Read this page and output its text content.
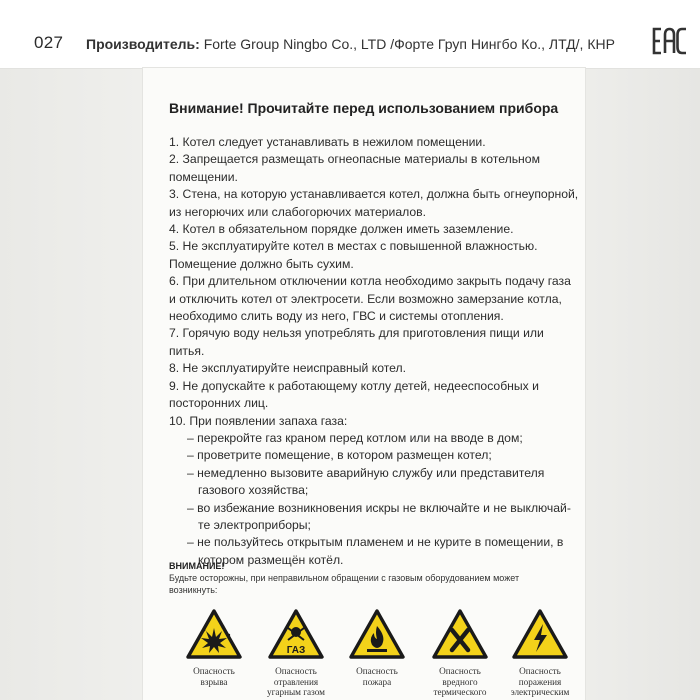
027 Производитель: Forte Group Ningbo Co., LTD /Форте Груп Нингбо Ко., ЛТД/, КНР
Внимание! Прочитайте перед использованием прибора
1. Котел следует устанавливать в нежилом помещении.
2. Запрещается размещать огнеопасные материалы в котельном
помещении.
3. Стена, на которую устанавливается котел, должна быть огнеупорной,
из негорючих или слабогорючих материалов.
4. Котел в обязательном порядке должен иметь заземление.
5. Не эксплуатируйте котел в местах с повышенной влажностью.
Помещение должно быть сухим.
6. При длительном отключении котла необходимо закрыть подачу газа
и отключить котел от электросети. Если возможно замерзание котла,
необходимо слить воду из него, ГВС и системы отопления.
7. Горячую воду нельзя употреблять для приготовления пищи или питья.
8. Не эксплуатируйте неисправный котел.
9. Не допускайте к работающему котлу детей, недееспособных и
посторонних лиц.
10. При появлении запаха газа:
– перекройте газ краном перед котлом или на вводе в дом;
– проветрите помещение, в котором размещен котел;
– немедленно вызовите аварийную службу или представителя
газового хозяйства;
– во избежание возникновения искры не включайте и не выключай-
те электроприборы;
– не пользуйтесь открытым пламенем и не курите в помещении, в
котором размещён котёл.
ВНИМАНИЕ!
Будьте осторожны, при неправильном обращении с газовым оборудованием может возникнуть:
Опасность взрыва
ГАЗ
Опасность отравления угарным газом
Опасность пожара
Опасность вредного термического
Опасность поражения электрическим
